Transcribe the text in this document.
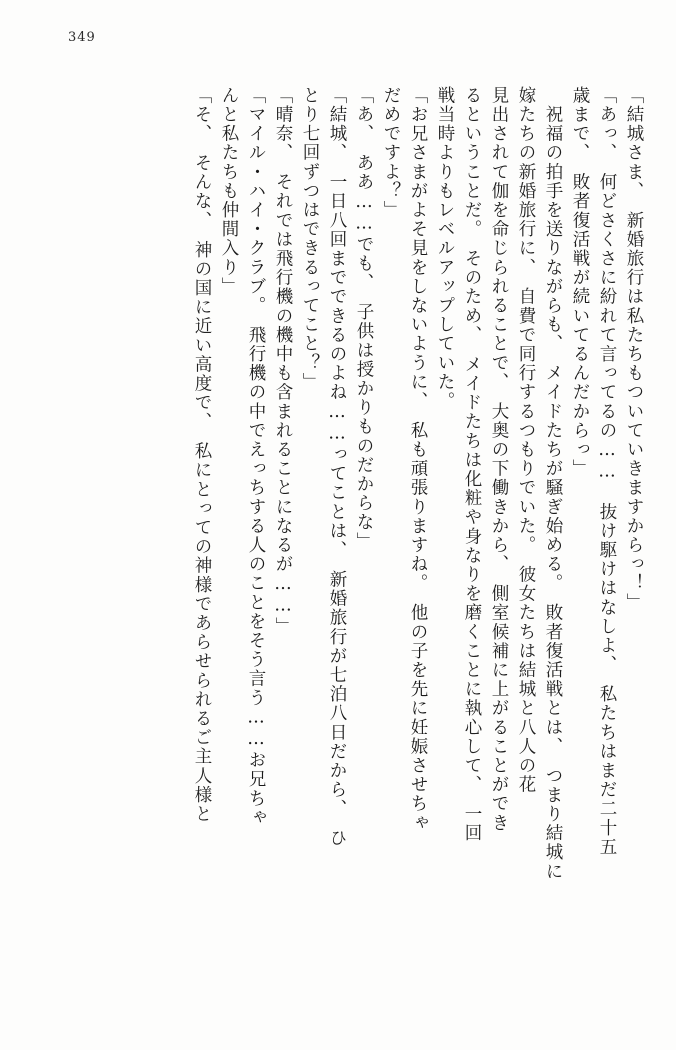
349
「結城さま、　新婚旅行は私たちもついていきますからっ！」
「あっ、　何どさくさに紛れて言ってるの……　抜け駆けはなしよ、　私たちはまだ二十五
歳まで、　敗者復活戦が続いてるんだからっ」
　祝福の拍手を送りながらも、　メイドたちが騒ぎ始める。　敗者復活戦とは、　つまり結城に
嫁たちの新婚旅行に、　自費で同行するつもりでいた。　彼女たちは結城と八人の花
見出されて伽を命じられることで、　大奥の下働きから、　側室候補に上がることができ
るということだ。　そのため、　メイドたちは化粧や身なりを磨くことに執心して、　一回
戦当時よりもレベルアップしていた。
「お兄さまがよそ見をしないように、　私も頑張りますね。　他の子を先に妊娠させちゃ
だめですよ？」
「あ、　ああ……でも、　子供は授かりものだからな」
「結城、　一日八回までできるのよね……ってことは、　新婚旅行が七泊八日だから、　ひ
とり七回ずつはできるってこと？」
「晴奈、　それでは飛行機の機中も含まれることになるが……」
「マイル・ハイ・クラブ。　飛行機の中でえっちする人のことをそう言う……お兄ちゃ
んと私たちも仲間入り」
「そ、　そんな、　神の国に近い高度で、　私にとっての神様であらせられるご主人様と
